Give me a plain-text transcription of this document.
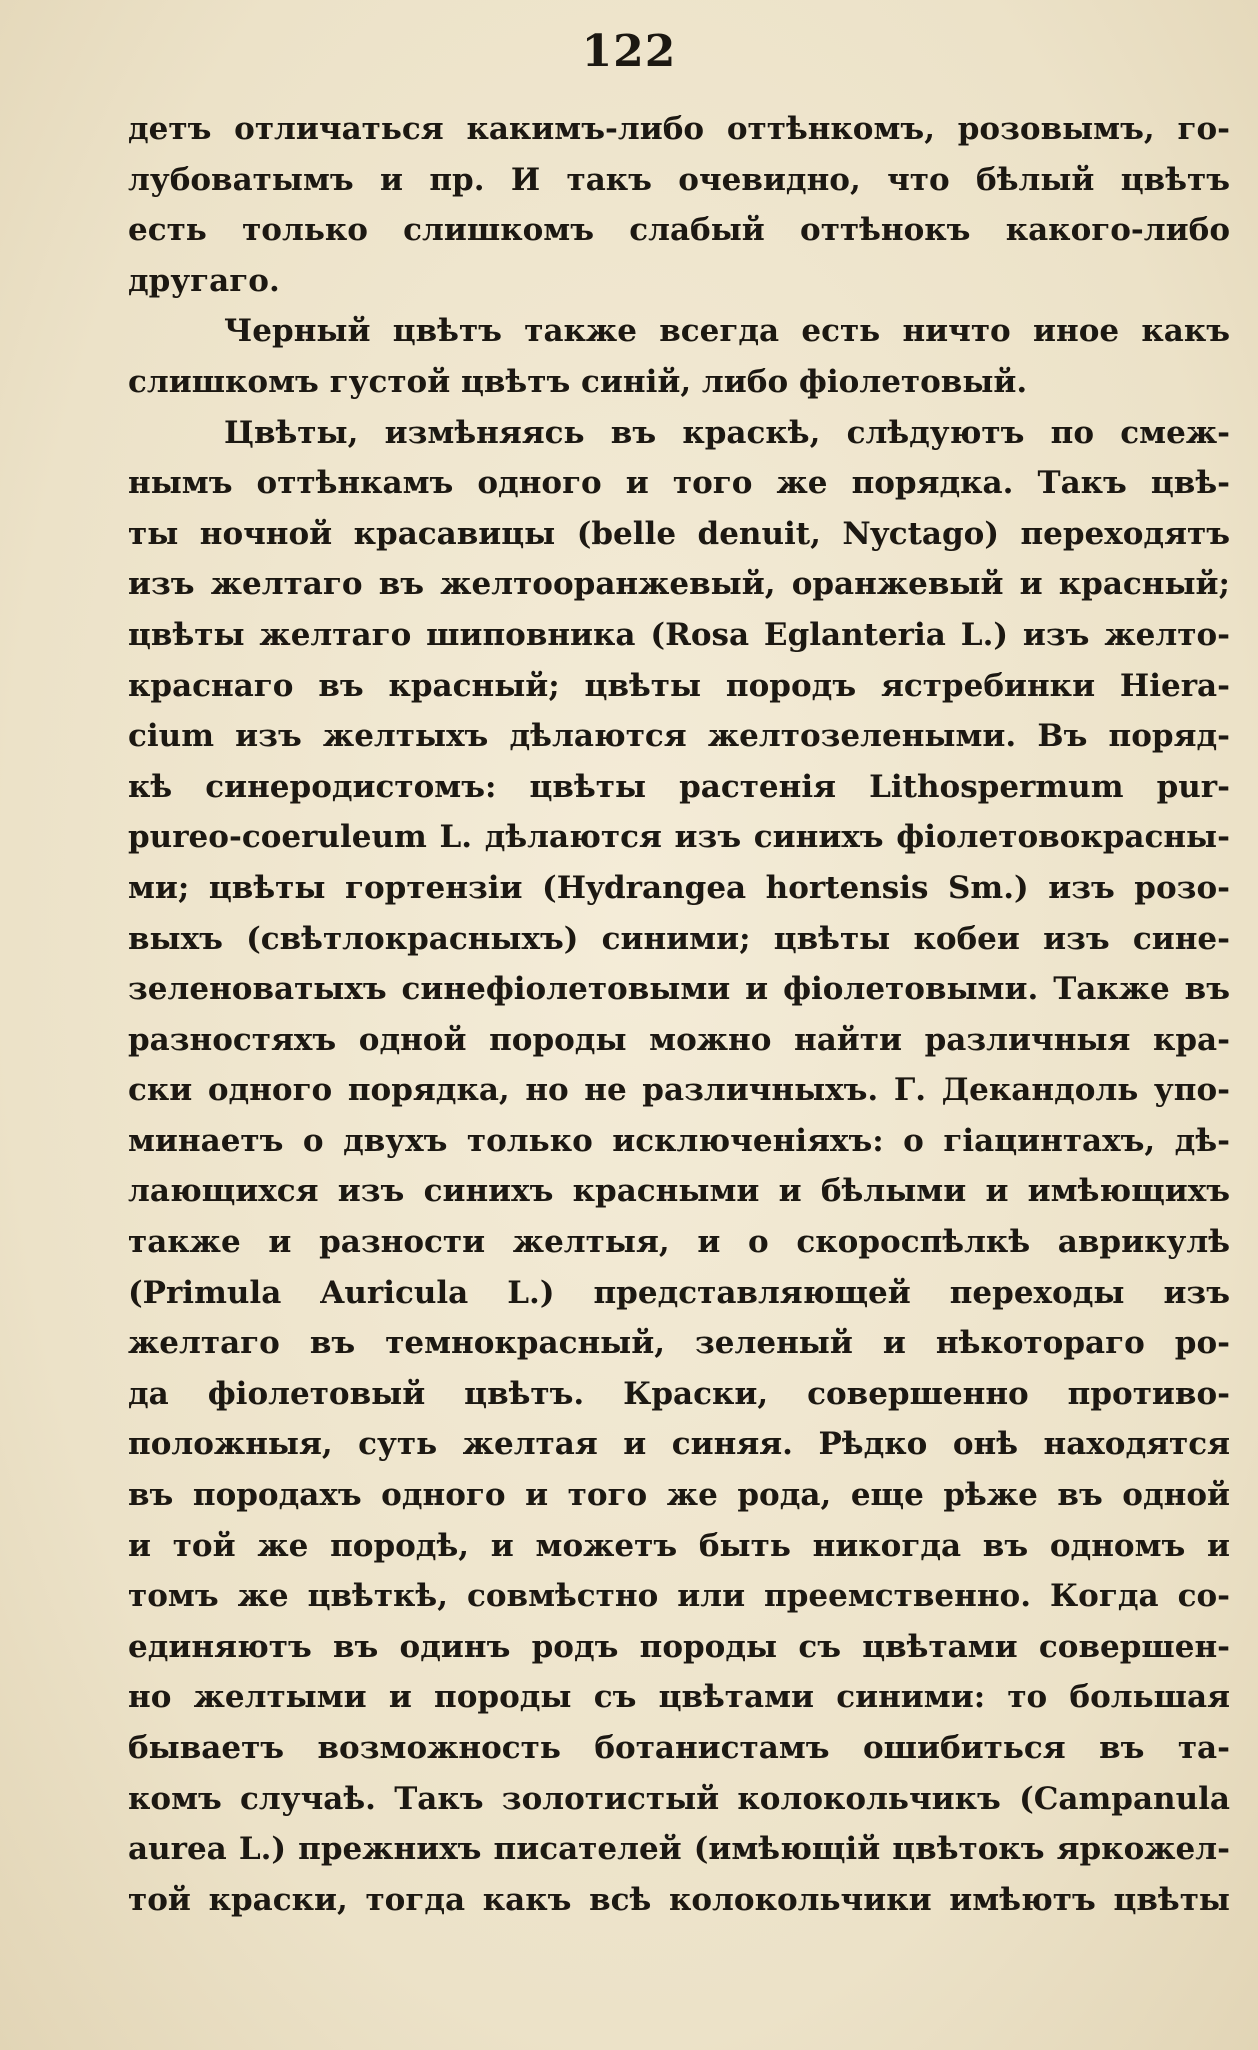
122
детъ отличаться какимъ-либо оттѣнкомъ, розовымъ, го-
лубоватымъ и пр. И такъ очевидно, что бѣлый цвѣтъ
есть только слишкомъ слабый оттѣнокъ какого-либо
другаго.
Черный цвѣтъ также всегда есть ничто иное какъ
слишкомъ густой цвѣтъ синій, либо фіолетовый.
Цвѣты, измѣняясь въ краскѣ, слѣдуютъ по смеж-
нымъ оттѣнкамъ одного и того же порядка. Такъ цвѣ-
ты ночной красавицы (belle denuit, Nyctago) переходятъ
изъ желтаго въ желтооранжевый, оранжевый и красный;
цвѣты желтаго шиповника (Rosa Eglanteria L.) изъ желто-
краснаго въ красный; цвѣты породъ ястребинки Hiera-
cium изъ желтыхъ дѣлаются желтозелеными. Въ поряд-
кѣ синеродистомъ: цвѣты растенія Lithospermum pur-
pureo-coeruleum L. дѣлаются изъ синихъ фіолетовокрасны-
ми; цвѣты гортензіи (Hydrangea hortensis Sm.) изъ розо-
выхъ (свѣтлокрасныхъ) синими; цвѣты кобеи изъ сине-
зеленоватыхъ синефіолетовыми и фіолетовыми. Также въ
разностяхъ одной породы можно найти различныя кра-
ски одного порядка, но не различныхъ. Г. Декандоль упо-
минаетъ о двухъ только исключеніяхъ: о гіацинтахъ, дѣ-
лающихся изъ синихъ красными и бѣлыми и имѣющихъ
также и разности желтыя, и о скороспѣлкѣ аврикулѣ
(Primula Auricula L.) представляющей переходы изъ
желтаго въ темнокрасный, зеленый и нѣкотораго ро-
да фіолетовый цвѣтъ. Краски, совершенно противо-
положныя, суть желтая и синяя. Рѣдко онѣ находятся
въ породахъ одного и того же рода, еще рѣже въ одной
и той же породѣ, и можетъ быть никогда въ одномъ и
томъ же цвѣткѣ, совмѣстно или преемственно. Когда со-
единяютъ въ одинъ родъ породы съ цвѣтами совершен-
но желтыми и породы съ цвѣтами синими: то большая
бываетъ возможность ботанистамъ ошибиться въ та-
комъ случаѣ. Такъ золотистый колокольчикъ (Campanula
aurea L.) прежнихъ писателей (имѣющій цвѣтокъ яркожел-
той краски, тогда какъ всѣ колокольчики имѣютъ цвѣты
